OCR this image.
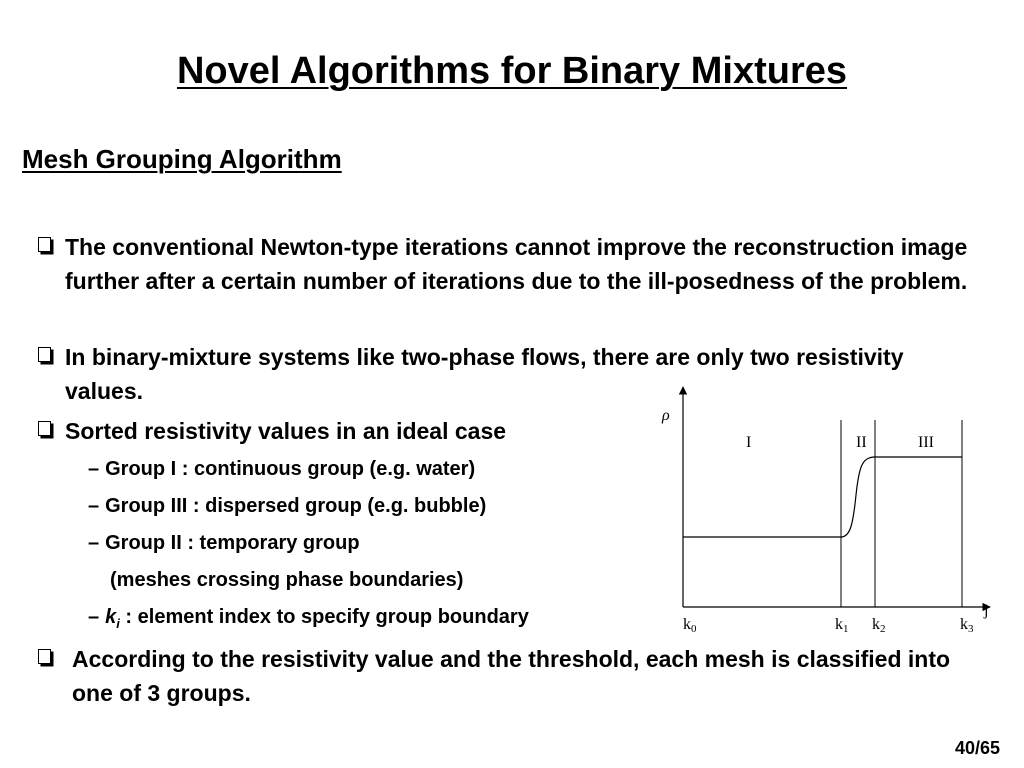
Novel Algorithms for Binary Mixtures
Mesh Grouping Algorithm
The conventional Newton-type iterations cannot improve the reconstruction image further after a certain number of iterations due to the ill-posedness of the problem.
In binary-mixture systems like two-phase flows, there are only two resistivity values.
Sorted resistivity values in an ideal case
– Group I : continuous group (e.g. water)
– Group III : dispersed group (e.g. bubble)
– Group II : temporary group
(meshes crossing phase boundaries)
– $k_i$ : element index to specify group boundary
According to the resistivity value and the threshold, each mesh is classified into one of 3 groups.
ρ
j
I	II	III
k0	k1 k2	k3
40/65
